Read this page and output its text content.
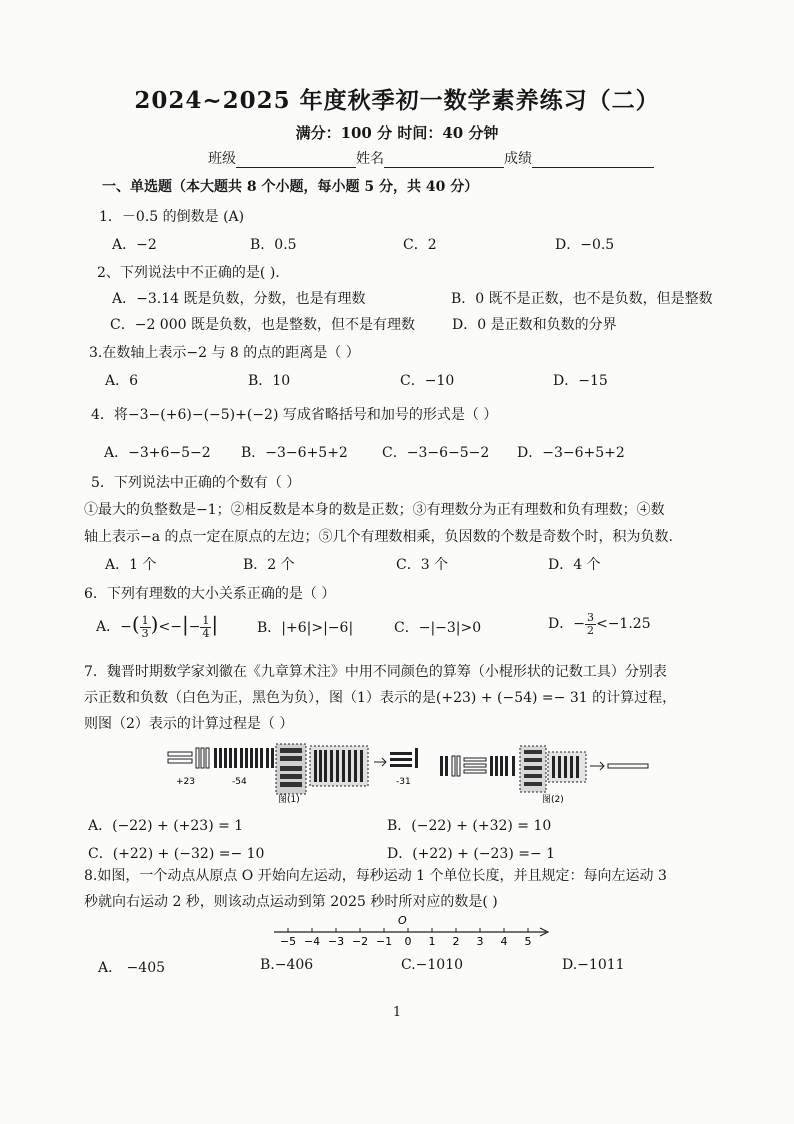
2024~2025 年度秋季初一数学素养练习（二）
满分：100 分 时间：40 分钟
班级	姓名	成绩
一、单选题（本大题共 8 个小题，每小题 5 分，共 40 分）
1．－0.5 的倒数是 (A)
A．−2	B．0.5	C．2	D．−0.5
2、下列说法中不正确的是( ).
A．−3.14 既是负数，分数，也是有理数	B．0 既不是正数，也不是负数，但是整数
C．−2 000 既是负数，也是整数，但不是有理数	D．0 是正数和负数的分界
3.在数轴上表示−2 与 8 的点的距离是（ ）
A．6	B．10	C．−10	D．−15
4．将−3−(+6)−(−5)+(−2) 写成省略括号和加号的形式是（ ）
A．−3+6−5−2 B．−3−6+5+2 C．−3−6−5−2 D．−3−6+5+2
5．下列说法中正确的个数有（ ）
①最大的负整数是−1；②相反数是本身的数是正数；③有理数分为正有理数和负有理数；④数
轴上表示−a 的点一定在原点的左边；⑤几个有理数相乘，负因数的个数是奇数个时，积为负数.
A．1 个	B．2 个	C．3 个	D．4 个
6．下列有理数的大小关系正确的是（ ）
A．−( $\frac{1}{3}$ )<−|− $\frac{1}{4}$ |	B．|+6|>|−6|	C．−|−3|>0	D．− $\frac{3}{2} <-1.25$
7．魏晋时期数学家刘徽在《九章算术注》中用不同颜色的算筹（小棍形状的记数工具）分别表
示正数和负数（白色为正，黑色为负），图（1）表示的是(+23) + (−54) =− 31 的计算过程，
则图（2）表示的计算过程是（ ）
+23	-54	-31
图(1)	图(2)
A．(−22) + (+23) = 1	B．(−22) + (+32) = 10
C．(+22) + (−32) =− 10	D．(+22) + (−23) =− 1
8.如图，一个动点从原点 O 开始向左运动，每秒运动 1 个单位长度，并且规定：每向左运动 3
秒就向右运动 2 秒，则该动点运动到第 2025 秒时所对应的数是( )
O
−5 −4 −3 −2 −1 0 1 2 3 4 5
A． −405	B.−406	C.−1010	D.−1011
1
